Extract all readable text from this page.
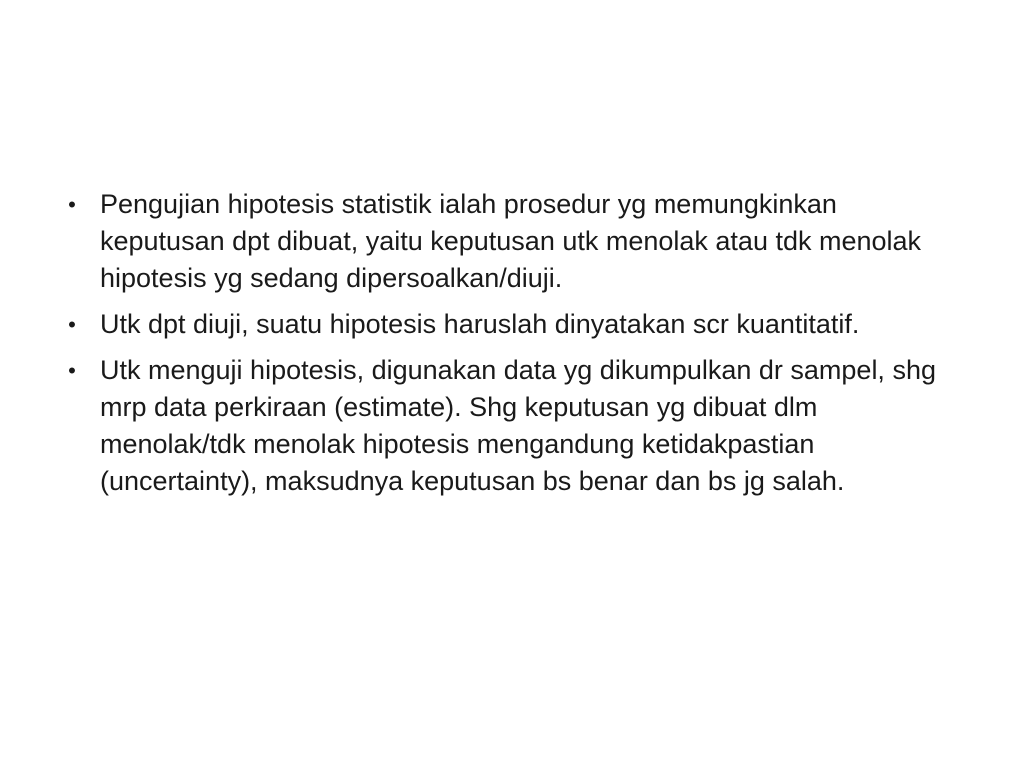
• Pengujian hipotesis statistik ialah prosedur yg memungkinkan keputusan dpt dibuat, yaitu keputusan utk menolak atau tdk menolak hipotesis yg sedang dipersoalkan/diuji.
• Utk dpt diuji, suatu hipotesis haruslah dinyatakan scr kuantitatif.
• Utk menguji hipotesis, digunakan data yg dikumpulkan dr sampel, shg mrp data perkiraan (estimate). Shg keputusan yg dibuat dlm menolak/tdk menolak hipotesis mengandung ketidakpastian (uncertainty), maksudnya keputusan bs benar dan bs jg salah.
